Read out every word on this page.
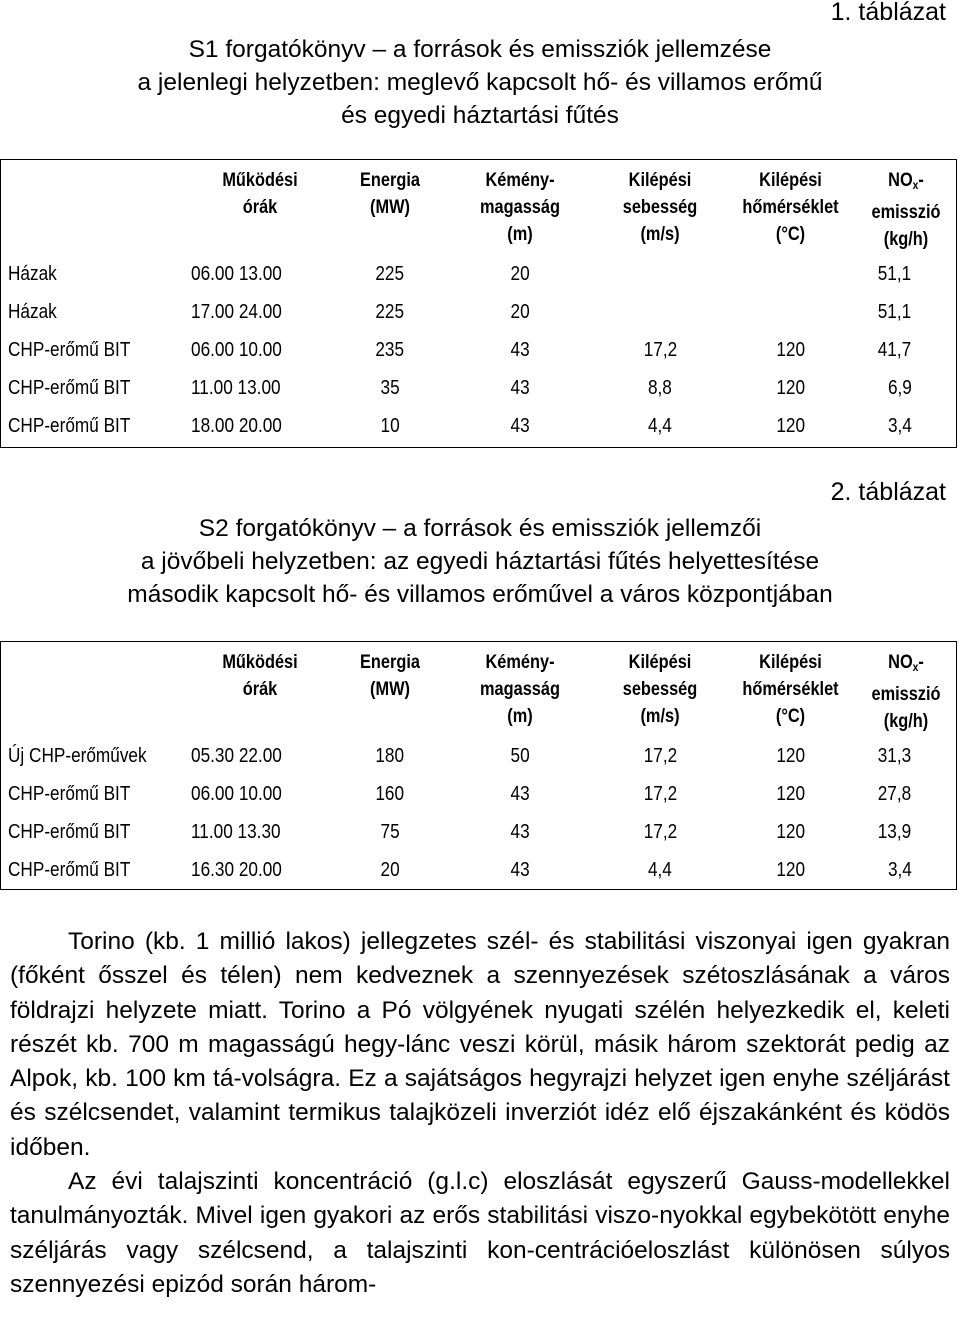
1. táblázat
S1 forgatókönyv – a források és emissziók jellemzése
a jelenlegi helyzetben: meglevő kapcsolt hő- és villamos erőmű
és egyedi háztartási fűtés

	Működési órák	Energia (MW)	Kémény-magasság (m)	Kilépési sebesség (m/s)	Kilépési hőmérséklet (°C)	$NO_x$-emisszió (kg/h)

Házak	06.00 13.00	225	20			51,1
Házak	17.00 24.00	225	20			51,1
CHP-erőmű BIT	06.00 10.00	235	43	17,2	120	41,7
CHP-erőmű BIT	11.00 13.00	35	43	8,8	120	6,9
CHP-erőmű BIT	18.00 20.00	10	43	4,4	120	3,4
2. táblázat
S2 forgatókönyv – a források és emissziók jellemzői
a jövőbeli helyzetben: az egyedi háztartási fűtés helyettesítése
második kapcsolt hő- és villamos erőművel a város központjában

	Működési órák	Energia (MW)	Kémény-magasság (m)	Kilépési sebesség (m/s)	Kilépési hőmérséklet (°C)	$NO_x$-emisszió (kg/h)

Új CHP-erőművek	05.30 22.00	180	50	17,2	120	31,3
CHP-erőmű BIT	06.00 10.00	160	43	17,2	120	27,8
CHP-erőmű BIT	11.00 13.30	75	43	17,2	120	13,9
CHP-erőmű BIT	16.30 20.00	20	43	4,4	120	3,4

Torino (kb. 1 millió lakos) jellegzetes szél- és stabilitási viszonyai igen gyakran (főként ősszel és télen) nem kedveznek a szennyezések szétoszlásának a város földrajzi helyzete miatt. Torino a Pó völgyének nyugati szélén helyezkedik el, keleti részét kb. 700 m magasságú hegy-lánc veszi körül, másik három szektorát pedig az Alpok, kb. 100 km tá-volságra. Ez a sajátságos hegyrajzi helyzet igen enyhe széljárást és szélcsendet, valamint termikus talajközeli inverziót idéz elő éjszakánként és ködös időben.

Az évi talajszinti koncentráció (g.l.c) eloszlását egyszerű Gauss-modellekkel tanulmányozták. Mivel igen gyakori az erős stabilitási viszo-nyokkal egybekötött enyhe széljárás vagy szélcsend, a talajszinti kon-centrációeloszlást különösen súlyos szennyezési epizód során három-
